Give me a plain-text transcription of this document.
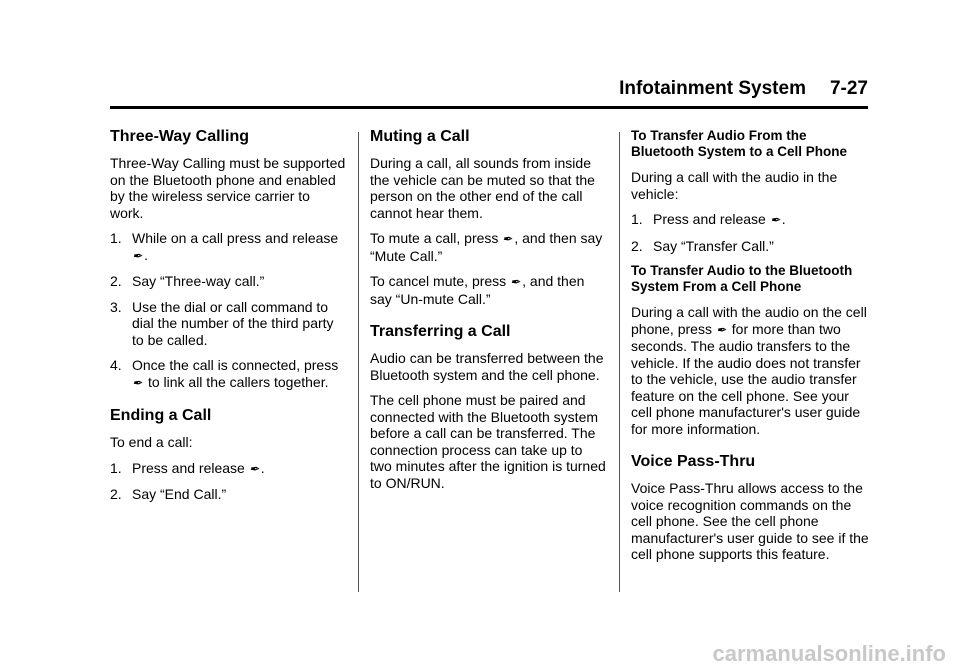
Infotainment System 7-27
Three-Way Calling

Three-Way Calling must be supported on the Bluetooth phone and enabled by the wireless service carrier to work.

1. While on a call press and release ✒.
2. Say “Three-way call.”
3. Use the dial or call command to dial the number of the third party to be called.
4. Once the call is connected, press ✒ to link all the callers together.
Ending a Call

To end a call:

1. Press and release ✒.
2. Say “End Call.”
Muting a Call

During a call, all sounds from inside the vehicle can be muted so that the person on the other end of the call cannot hear them.

To mute a call, press ✒, and then say “Mute Call.”

To cancel mute, press ✒, and then say “Un-mute Call.”

Transferring a Call

Audio can be transferred between the Bluetooth system and the cell phone.

The cell phone must be paired and connected with the Bluetooth system before a call can be transferred. The connection process can take up to two minutes after the ignition is turned to ON/RUN.

To Transfer Audio From the Bluetooth System to a Cell Phone

During a call with the audio in the vehicle:

1. Press and release ✒.
2. Say “Transfer Call.”
To Transfer Audio to the Bluetooth System From a Cell Phone

During a call with the audio on the cell phone, press ✒ for more than two seconds. The audio transfers to the vehicle. If the audio does not transfer to the vehicle, use the audio transfer feature on the cell phone. See your cell phone manufacturer's user guide for more information.

Voice Pass-Thru

Voice Pass-Thru allows access to the voice recognition commands on the cell phone. See the cell phone manufacturer's user guide to see if the cell phone supports this feature.

carmanualsonline.info
